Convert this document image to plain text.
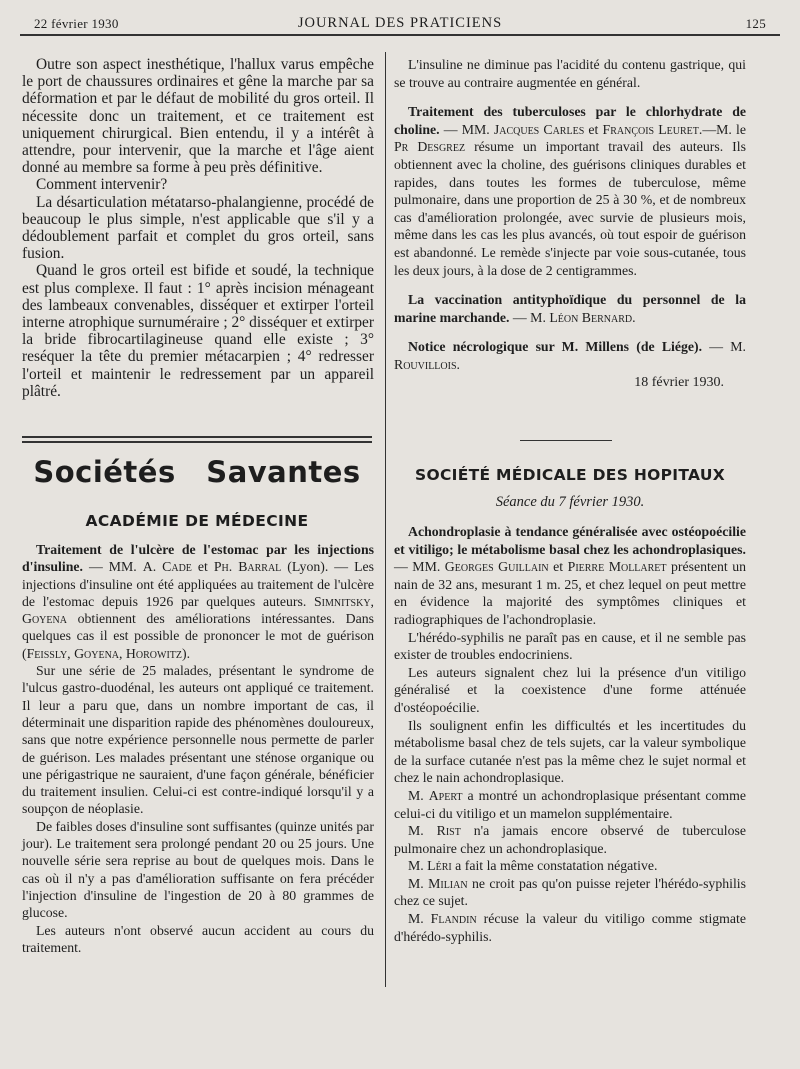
22 février 1930	JOURNAL DES PRATICIENS	125

Outre son aspect inesthétique, l'hallux varus empêche le port de chaussures ordinaires et gêne la marche par sa déformation et par le défaut de mobilité du gros orteil. Il nécessite donc un traitement, et ce traitement est uniquement chirurgical. Bien entendu, il y a intérêt à attendre, pour intervenir, que la marche et l'âge aient donné au membre sa forme à peu près définitive.

Comment intervenir?

La désarticulation métatarso-phalangienne, procédé de beaucoup le plus simple, n'est applicable que s'il y a dédoublement parfait et complet du gros orteil, sans fusion.

Quand le gros orteil est bifide et soudé, la technique est plus complexe. Il faut : 1° après incision ménageant des lambeaux convenables, disséquer et extirper l'orteil interne atrophique surnuméraire ; 2° disséquer et extirper la bride fibrocartilagineuse quand elle existe ; 3° reséquer la tête du premier métacarpien ; 4° redresser l'orteil et maintenir le redressement par un appareil plâtré.

Sociétés Savantes
ACADÉMIE DE MÉDECINE

Traitement de l'ulcère de l'estomac par les injections d'insuline. — MM. A. Cade et Ph. Barral (Lyon). — Les injections d'insuline ont été appliquées au traitement de l'ulcère de l'estomac depuis 1926 par quelques auteurs. Simnitsky, Goyena obtiennent des améliorations intéressantes. Dans quelques cas il est possible de prononcer le mot de guérison (Feissly, Goyena, Horowitz).

Sur une série de 25 malades, présentant le syndrome de l'ulcus gastro-duodénal, les auteurs ont appliqué ce traitement. Il leur a paru que, dans un nombre important de cas, il déterminait une disparition rapide des phénomènes douloureux, sans que notre expérience personnelle nous permette de parler de guérison. Les malades présentant une sténose organique ou une périgastrique ne sauraient, d'une façon générale, bénéficier du traitement insulien. Celui-ci est contre-indiqué lorsqu'il y a soupçon de néoplasie.

De faibles doses d'insuline sont suffisantes (quinze unités par jour). Le traitement sera prolongé pendant 20 ou 25 jours. Une nouvelle série sera reprise au bout de quelques mois. Dans le cas où il n'y a pas d'amélioration suffisante on fera précéder l'injection d'insuline de l'ingestion de 20 à 80 grammes de glucose.

Les auteurs n'ont observé aucun accident au cours du traitement.

L'insuline ne diminue pas l'acidité du contenu gastrique, qui se trouve au contraire augmentée en général.

Traitement des tuberculoses par le chlorhydrate de choline. — MM. Jacques Carles et François Leuret.—M. le Pr Desgrez résume un important travail des auteurs. Ils obtiennent avec la choline, des guérisons cliniques durables et rapides, dans toutes les formes de tuberculose, même pulmonaire, dans une proportion de 25 à 30 %, et de nombreux cas d'amélioration prolongée, avec survie de plusieurs mois, même dans les cas les plus avancés, où tout espoir de guérison est abandonné. Le remède s'injecte par voie sous-cutanée, tous les deux jours, à la dose de 2 centigrammes.

La vaccination antityphoïdique du personnel de la marine marchande. — M. Léon Bernard.

Notice nécrologique sur M. Millens (de Liége). — M. Rouvillois.

18 février 1930.

SOCIÉTÉ MÉDICALE DES HOPITAUX
Séance du 7 février 1930.

Achondroplasie à tendance généralisée avec ostéopoécilie et vitiligo; le métabolisme basal chez les achondroplasiques. — MM. Georges Guillain et Pierre Mollaret présentent un nain de 32 ans, mesurant 1 m. 25, et chez lequel on peut mettre en évidence la majorité des symptômes cliniques et radiographiques de l'achondroplasie.

L'hérédo-syphilis ne paraît pas en cause, et il ne semble pas exister de troubles endocriniens.

Les auteurs signalent chez lui la présence d'un vitiligo généralisé et la coexistence d'une forme atténuée d'ostéopoécilie.

Ils soulignent enfin les difficultés et les incertitudes du métabolisme basal chez de tels sujets, car la valeur symbolique de la surface cutanée n'est pas la même chez le sujet normal et chez le nain achondroplasique.

M. Apert a montré un achondroplasique présentant comme celui-ci du vitiligo et un mamelon supplémentaire.

M. Rist n'a jamais encore observé de tuberculose pulmonaire chez un achondroplasique.

M. Léri a fait la même constatation négative.

M. Milian ne croit pas qu'on puisse rejeter l'hérédo-syphilis chez ce sujet.

M. Flandin récuse la valeur du vitiligo comme stigmate d'hérédo-syphilis.
